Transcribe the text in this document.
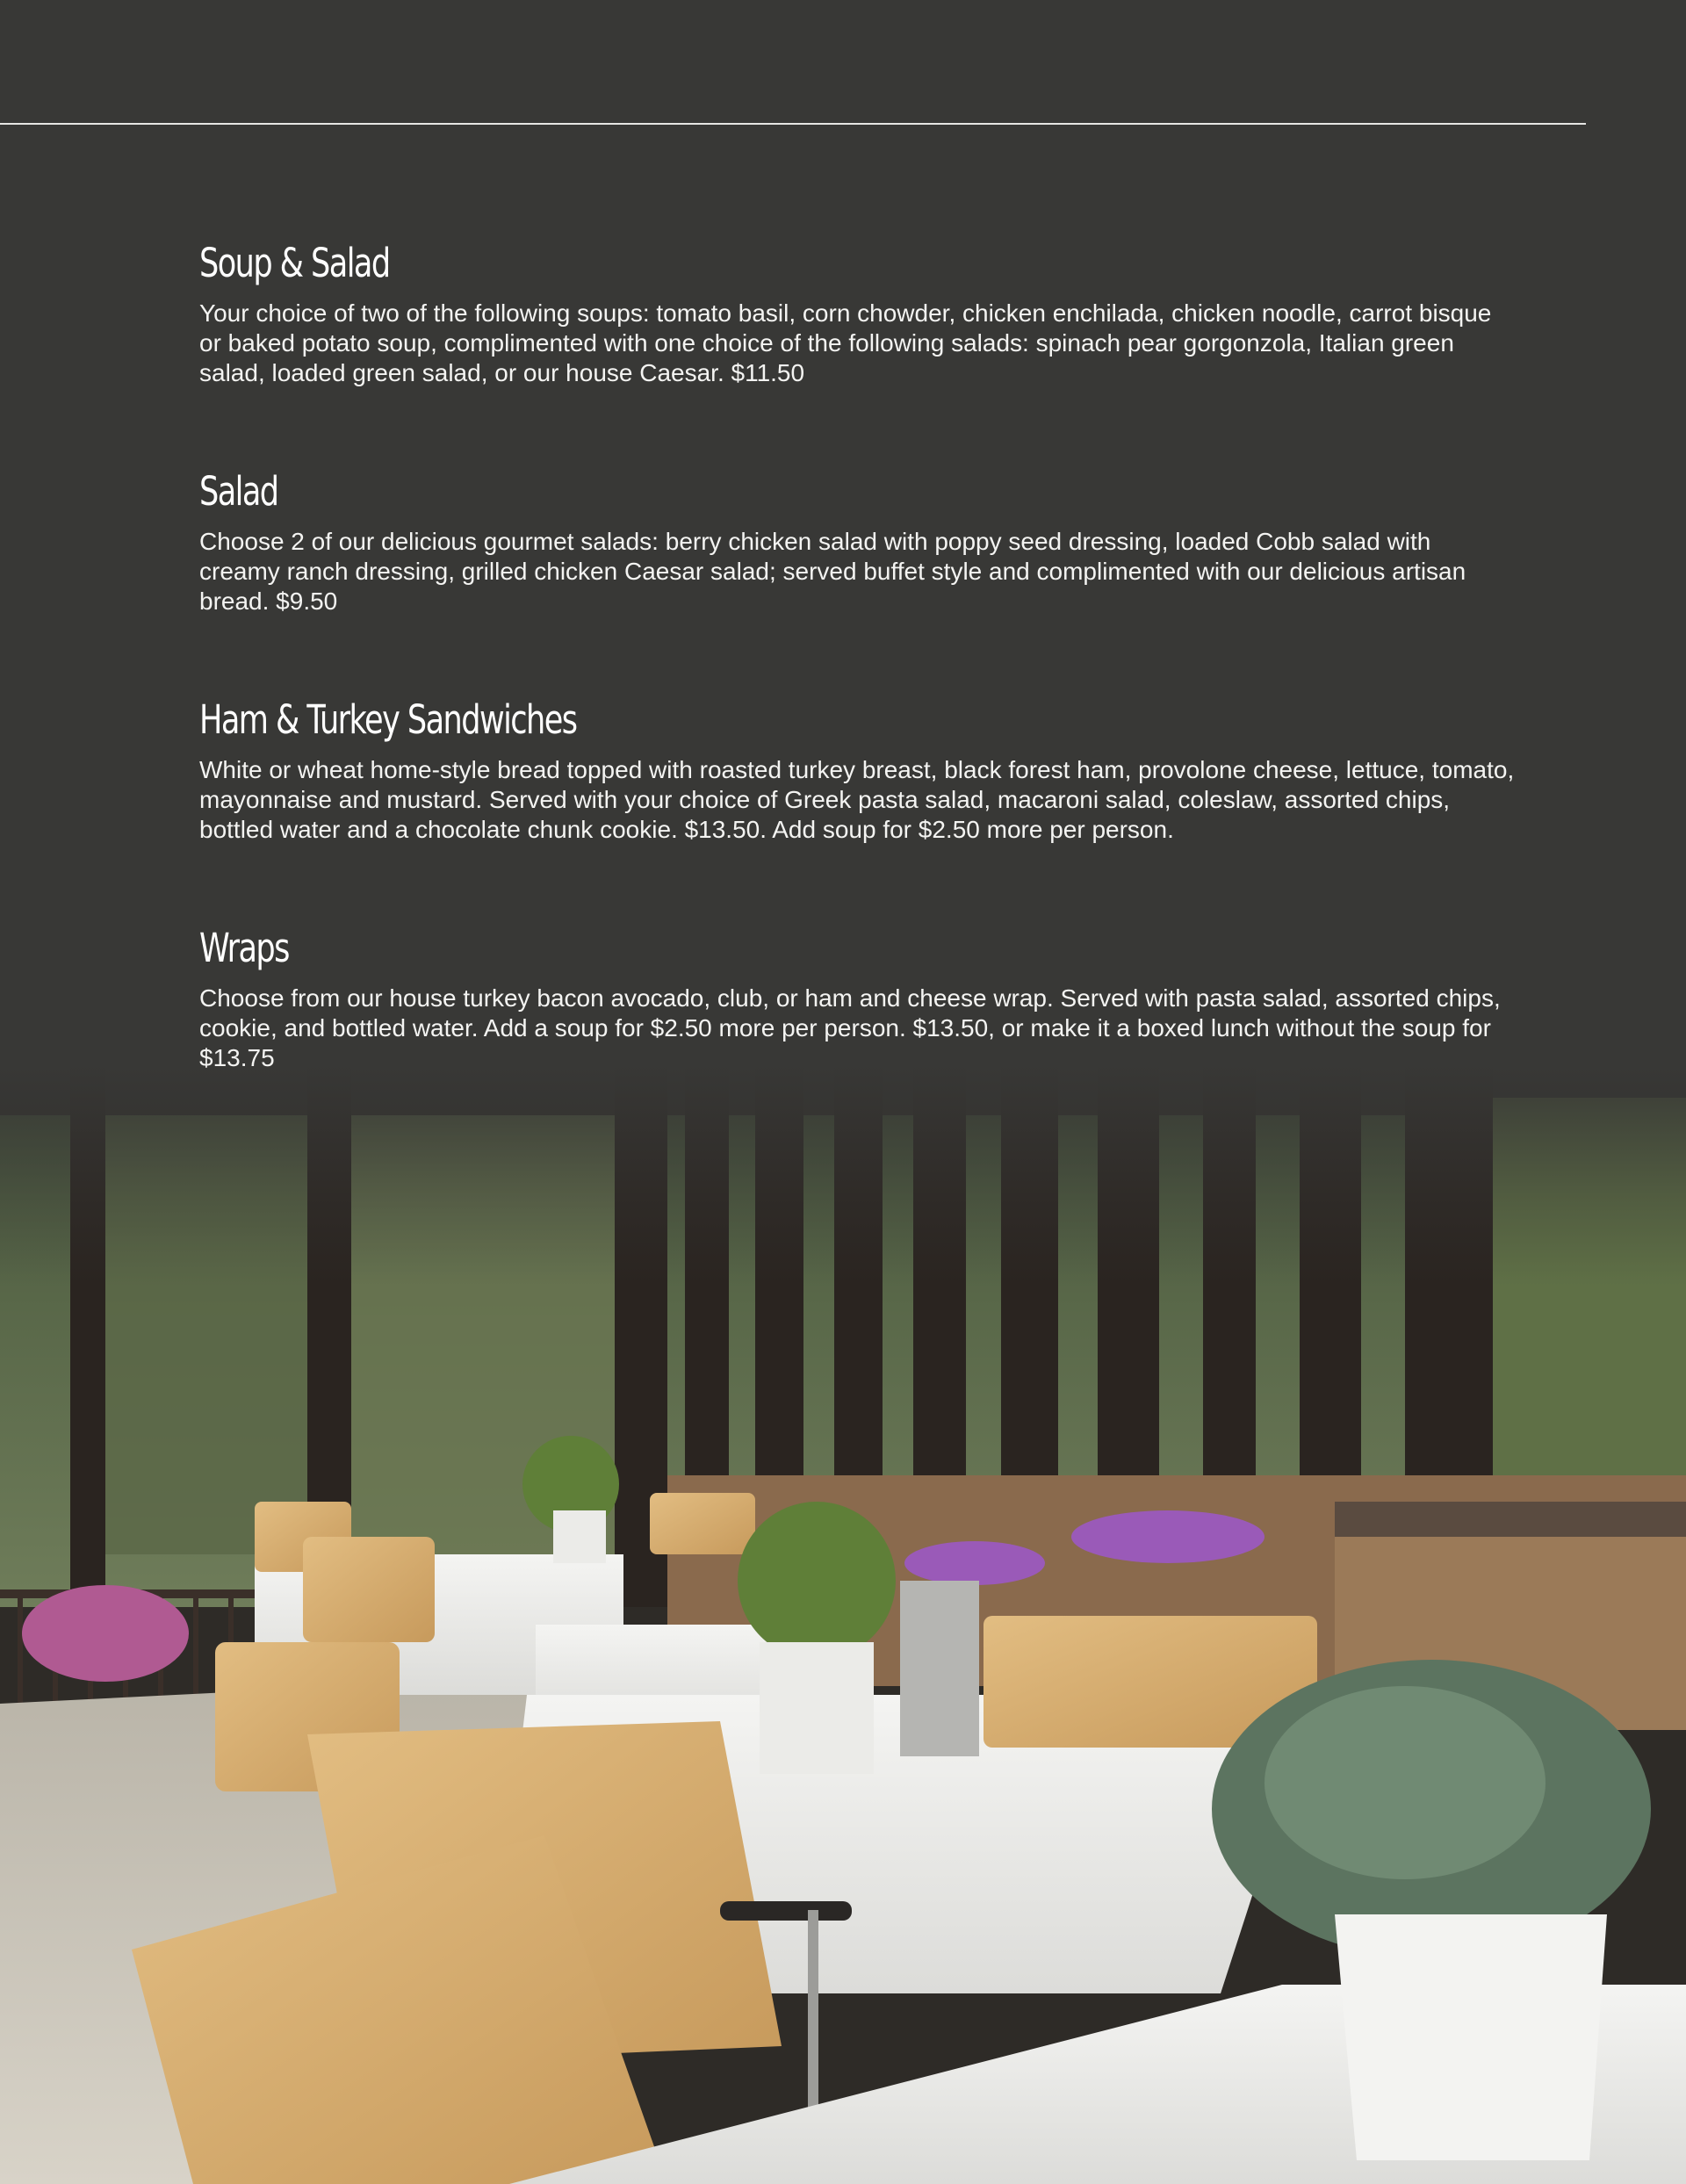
Soup & Salad

Your choice of two of the following soups: tomato basil, corn chowder, chicken enchilada, chicken noodle, carrot bisque or baked potato soup, complimented with one choice of the following salads: spinach pear gorgonzola, Italian green salad, loaded green salad, or our house Caesar. $11.50

Salad

Choose 2 of our delicious gourmet salads: berry chicken salad with poppy seed dressing, loaded Cobb salad with creamy ranch dressing, grilled chicken Caesar salad; served buffet style and complimented with our delicious artisan bread. $9.50

Ham & Turkey Sandwiches

White or wheat home-style bread topped with roasted turkey breast, black forest ham, provolone cheese, lettuce, tomato, mayonnaise and mustard. Served with your choice of Greek pasta salad, macaroni salad, coleslaw, assorted chips, bottled water and a chocolate chunk cookie. $13.50. Add soup for $2.50 more per person.

Wraps

Choose from our house turkey bacon avocado, club, or ham and cheese wrap. Served with pasta salad, assorted chips, cookie, and bottled water. Add a soup for $2.50 more per person. $13.50, or make it a boxed lunch without the soup for $13.75
